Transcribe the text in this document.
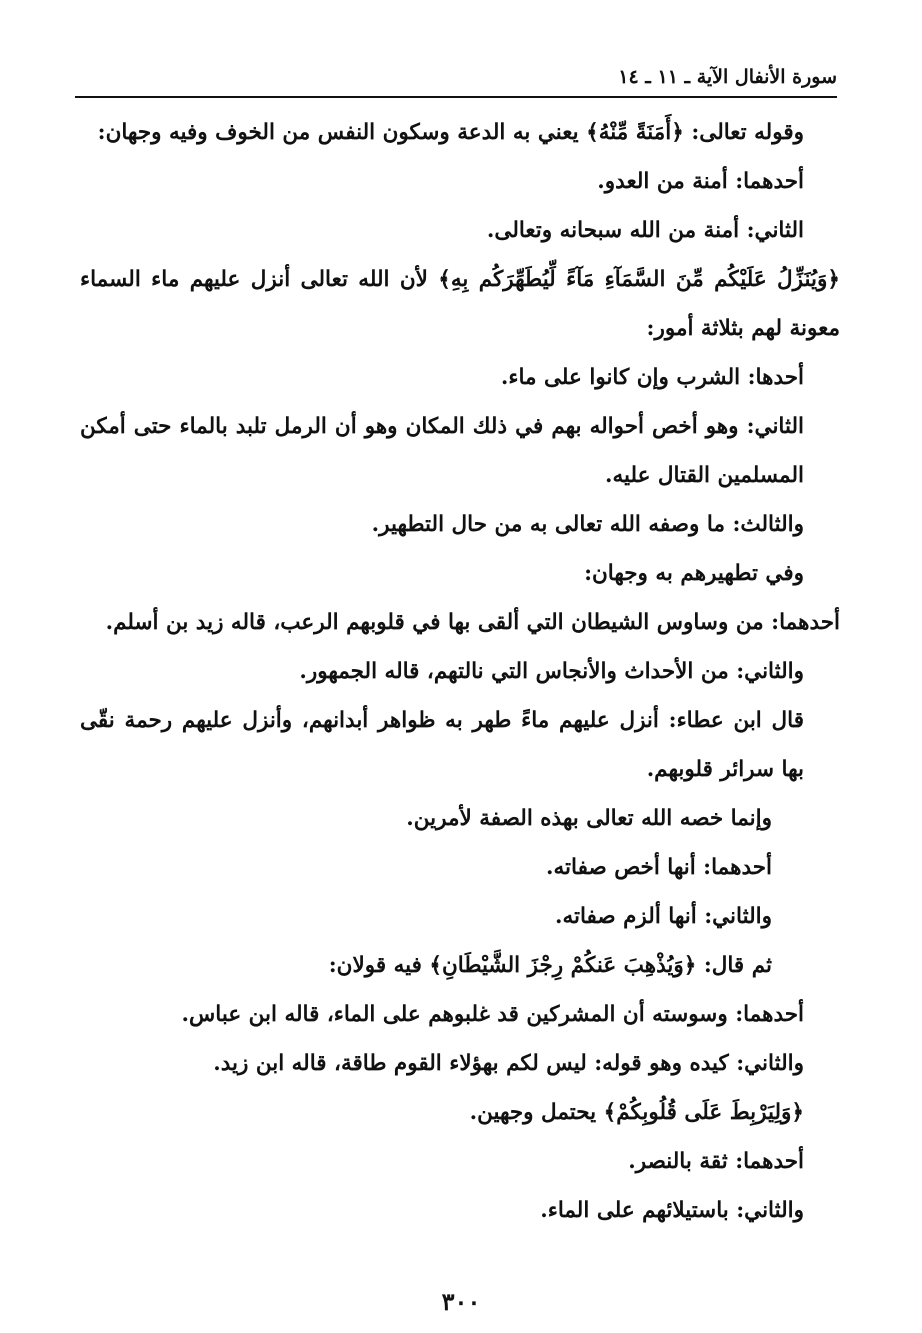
سورة الأنفال الآية ـ ١١ ـ ١٤

وقوله تعالى: ﴿أَمَنَةً مِّنْهُ﴾ يعني به الدعة وسكون النفس من الخوف وفيه وجهان:

أحدهما: أمنة من العدو.

الثاني: أمنة من الله سبحانه وتعالى.

﴿وَيُنَزِّلُ عَلَيْكُم مِّنَ السَّمَآءِ مَآءً لِّيُطَهِّرَكُم بِهِ﴾ لأن الله تعالى أنزل عليهم ماء السماء معونة لهم بثلاثة أمور:

أحدها: الشرب وإن كانوا على ماء.

الثاني: وهو أخص أحواله بهم في ذلك المكان وهو أن الرمل تلبد بالماء حتى أمكن المسلمين القتال عليه.

والثالث: ما وصفه الله تعالى به من حال التطهير.

وفي تطهيرهم به وجهان:

أحدهما: من وساوس الشيطان التي ألقى بها في قلوبهم الرعب، قاله زيد بن أسلم.

والثاني: من الأحداث والأنجاس التي نالتهم، قاله الجمهور.

قال ابن عطاء: أنزل عليهم ماءً طهر به ظواهر أبدانهم، وأنزل عليهم رحمة نقّى بها سرائر قلوبهم.

وإنما خصه الله تعالى بهذه الصفة لأمرين.

أحدهما: أنها أخص صفاته.

والثاني: أنها ألزم صفاته.

ثم قال: ﴿وَيُذْهِبَ عَنكُمْ رِجْزَ الشَّيْطَانِ﴾ فيه قولان:

أحدهما: وسوسته أن المشركين قد غلبوهم على الماء، قاله ابن عباس.

والثاني: كيده وهو قوله: ليس لكم بهؤلاء القوم طاقة، قاله ابن زيد.

﴿وَلِيَرْبِطَ عَلَى قُلُوبِكُمْ﴾ يحتمل وجهين.

أحدهما: ثقة بالنصر.

والثاني: باستيلائهم على الماء.

٣٠٠
